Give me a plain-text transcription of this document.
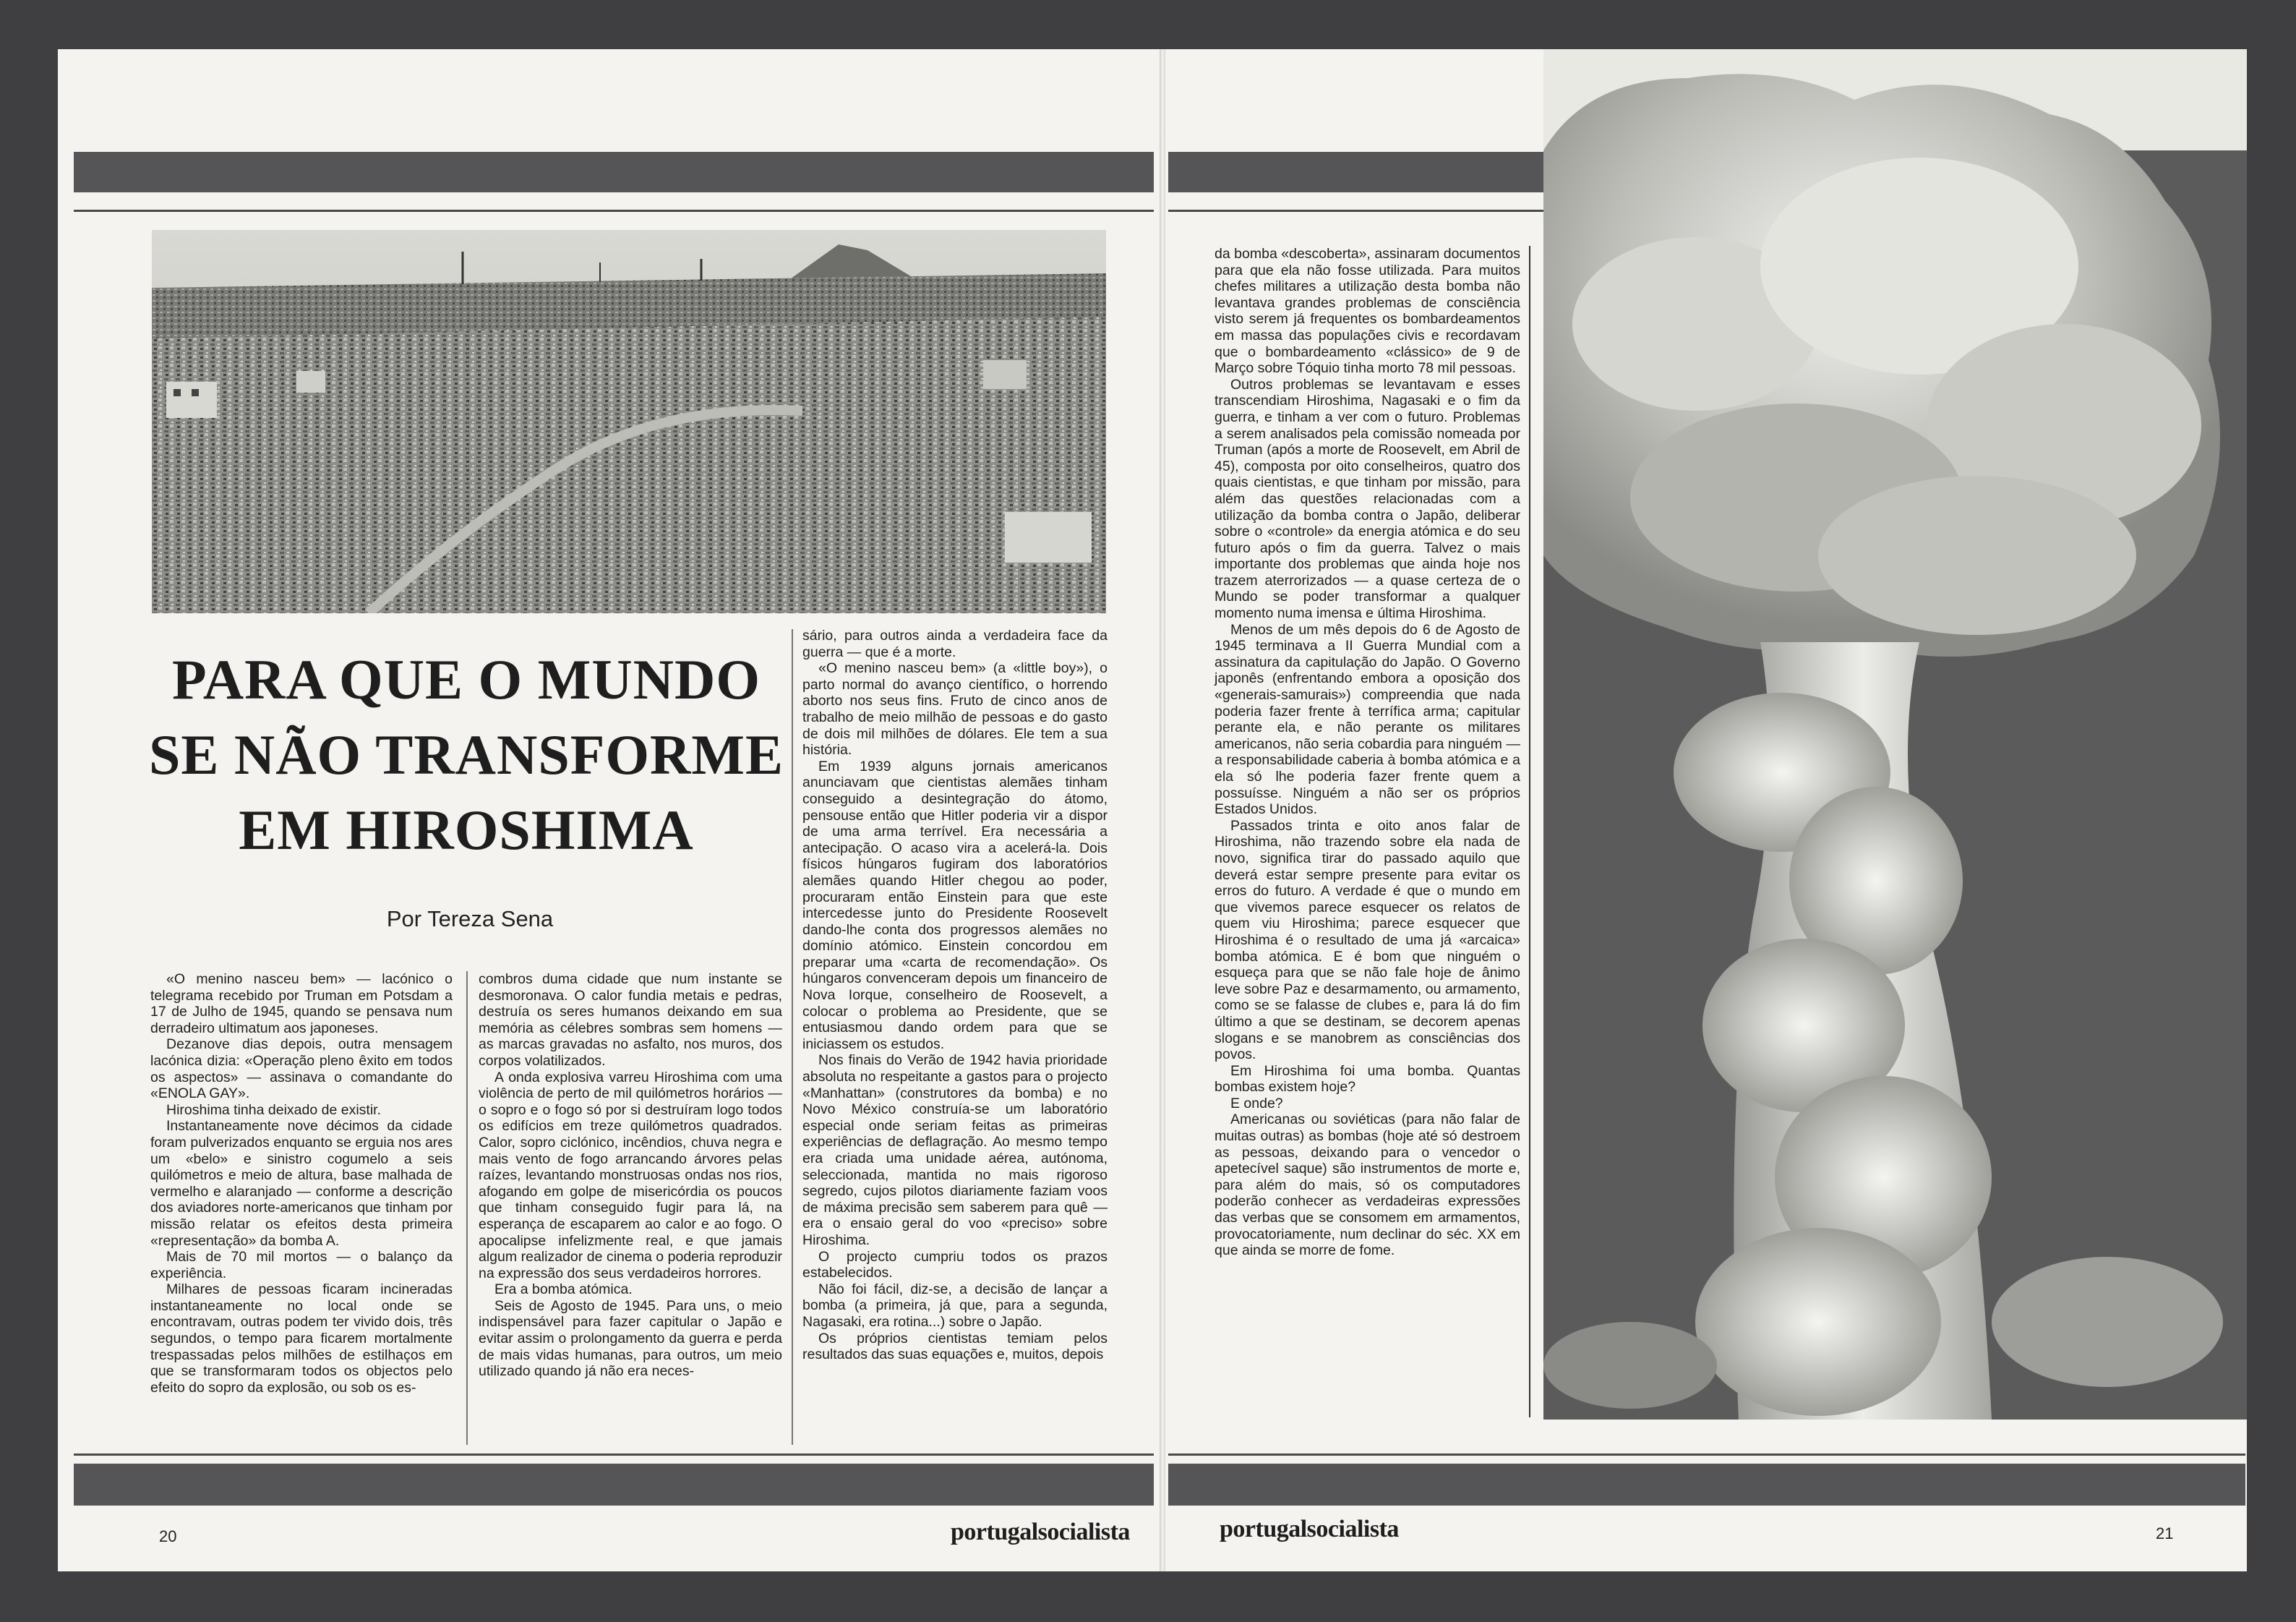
PARA QUE O MUNDO
SE NÃO TRANSFORME
EM HIROSHIMA
Por Tereza Sena

«O menino nasceu bem» — lacónico o telegrama recebido por Truman em Potsdam a 17 de Julho de 1945, quando se pensava num derradeiro ultimatum aos japoneses.

Dezanove dias depois, outra mensagem lacónica dizia: «Operação pleno êxito em todos os aspectos» — assinava o comandante do «ENOLA GAY».

Hiroshima tinha deixado de existir.

Instantaneamente nove décimos da cidade foram pulverizados enquanto se erguia nos ares um «belo» e sinistro cogumelo a seis quilómetros e meio de altura, base malhada de vermelho e alaranjado — conforme a descrição dos aviadores norte-americanos que tinham por missão relatar os efeitos desta primeira «representação» da bomba A.

Mais de 70 mil mortos — o balanço da experiência.

Milhares de pessoas ficaram incineradas instantaneamente no local onde se encontravam, outras podem ter vivido dois, três segundos, o tempo para ficarem mortalmente trespassadas pelos milhões de estilhaços em que se transformaram todos os objectos pelo efeito do sopro da explosão, ou sob os es-

combros duma cidade que num instante se desmoronava. O calor fundia metais e pedras, destruía os seres humanos deixando em sua memória as célebres sombras sem homens — as marcas gravadas no asfalto, nos muros, dos corpos volatilizados.

A onda explosiva varreu Hiroshima com uma violência de perto de mil quilómetros horários — o sopro e o fogo só por si destruíram logo todos os edifícios em treze quilómetros quadrados. Calor, sopro ciclónico, incêndios, chuva negra e mais vento de fogo arrancando árvores pelas raízes, levantando monstruosas ondas nos rios, afogando em golpe de misericórdia os poucos que tinham conseguido fugir para lá, na esperança de escaparem ao calor e ao fogo. O apocalipse infelizmente real, e que jamais algum realizador de cinema o poderia reproduzir na expressão dos seus verdadeiros horrores.

Era a bomba atómica.

Seis de Agosto de 1945. Para uns, o meio indispensável para fazer capitular o Japão e evitar assim o prolongamento da guerra e perda de mais vidas humanas, para outros, um meio utilizado quando já não era neces-

sário, para outros ainda a verdadeira face da guerra — que é a morte.

«O menino nasceu bem» (a «little boy»), o parto normal do avanço científico, o horrendo aborto nos seus fins. Fruto de cinco anos de trabalho de meio milhão de pessoas e do gasto de dois mil milhões de dólares. Ele tem a sua história.

Em 1939 alguns jornais americanos anunciavam que cientistas alemães tinham conseguido a desintegração do átomo, pensouse então que Hitler poderia vir a dispor de uma arma terrível. Era necessária a antecipação. O acaso vira a acelerá-la. Dois físicos húngaros fugiram dos laboratórios alemães quando Hitler chegou ao poder, procuraram então Einstein para que este intercedesse junto do Presidente Roosevelt dando-lhe conta dos progressos alemães no domínio atómico. Einstein concordou em preparar uma «carta de recomendação». Os húngaros convenceram depois um financeiro de Nova Iorque, conselheiro de Roosevelt, a colocar o problema ao Presidente, que se entusiasmou dando ordem para que se iniciassem os estudos.

Nos finais do Verão de 1942 havia prioridade absoluta no respeitante a gastos para o projecto «Manhattan» (construtores da bomba) e no Novo México construía-se um laboratório especial onde seriam feitas as primeiras experiências de deflagração. Ao mesmo tempo era criada uma unidade aérea, autónoma, seleccionada, mantida no mais rigoroso segredo, cujos pilotos diariamente faziam voos de máxima precisão sem saberem para quê — era o ensaio geral do voo «preciso» sobre Hiroshima.

O projecto cumpriu todos os prazos estabelecidos.

Não foi fácil, diz-se, a decisão de lançar a bomba (a primeira, já que, para a segunda, Nagasaki, era rotina...) sobre o Japão.

Os próprios cientistas temiam pelos resultados das suas equações e, muitos, depois

da bomba «descoberta», assinaram documentos para que ela não fosse utilizada. Para muitos chefes militares a utilização desta bomba não levantava grandes problemas de consciência visto serem já frequentes os bombardeamentos em massa das populações civis e recordavam que o bombardeamento «clássico» de 9 de Março sobre Tóquio tinha morto 78 mil pessoas.

Outros problemas se levantavam e esses transcendiam Hiroshima, Nagasaki e o fim da guerra, e tinham a ver com o futuro. Problemas a serem analisados pela comissão nomeada por Truman (após a morte de Roosevelt, em Abril de 45), composta por oito conselheiros, quatro dos quais cientistas, e que tinham por missão, para além das questões relacionadas com a utilização da bomba contra o Japão, deliberar sobre o «controle» da energia atómica e do seu futuro após o fim da guerra. Talvez o mais importante dos problemas que ainda hoje nos trazem aterrorizados — a quase certeza de o Mundo se poder transformar a qualquer momento numa imensa e última Hiroshima.

Menos de um mês depois do 6 de Agosto de 1945 terminava a II Guerra Mundial com a assinatura da capitulação do Japão. O Governo japonês (enfrentando embora a oposição dos «generais-samurais») compreendia que nada poderia fazer frente à terrífica arma; capitular perante ela, e não perante os militares americanos, não seria cobardia para ninguém — a responsabilidade caberia à bomba atómica e a ela só lhe poderia fazer frente quem a possuísse. Ninguém a não ser os próprios Estados Unidos.

Passados trinta e oito anos falar de Hiroshima, não trazendo sobre ela nada de novo, significa tirar do passado aquilo que deverá estar sempre presente para evitar os erros do futuro. A verdade é que o mundo em que vivemos parece esquecer os relatos de quem viu Hiroshima; parece esquecer que Hiroshima é o resultado de uma já «arcaica» bomba atómica. E é bom que ninguém o esqueça para que se não fale hoje de ânimo leve sobre Paz e desarmamento, ou armamento, como se se falasse de clubes e, para lá do fim último a que se destinam, se decorem apenas slogans e se manobrem as consciências dos povos.

Em Hiroshima foi uma bomba. Quantas bombas existem hoje?

E onde?

Americanas ou soviéticas (para não falar de muitas outras) as bombas (hoje até só destroem as pessoas, deixando para o vencedor o apetecível saque) são instrumentos de morte e, para além do mais, só os computadores poderão conhecer as verdadeiras expressões das verbas que se consomem em armamentos, provocatoriamente, num declinar do séc. XX em que ainda se morre de fome.

20	portugalsocialista	portugalsocialista	21
